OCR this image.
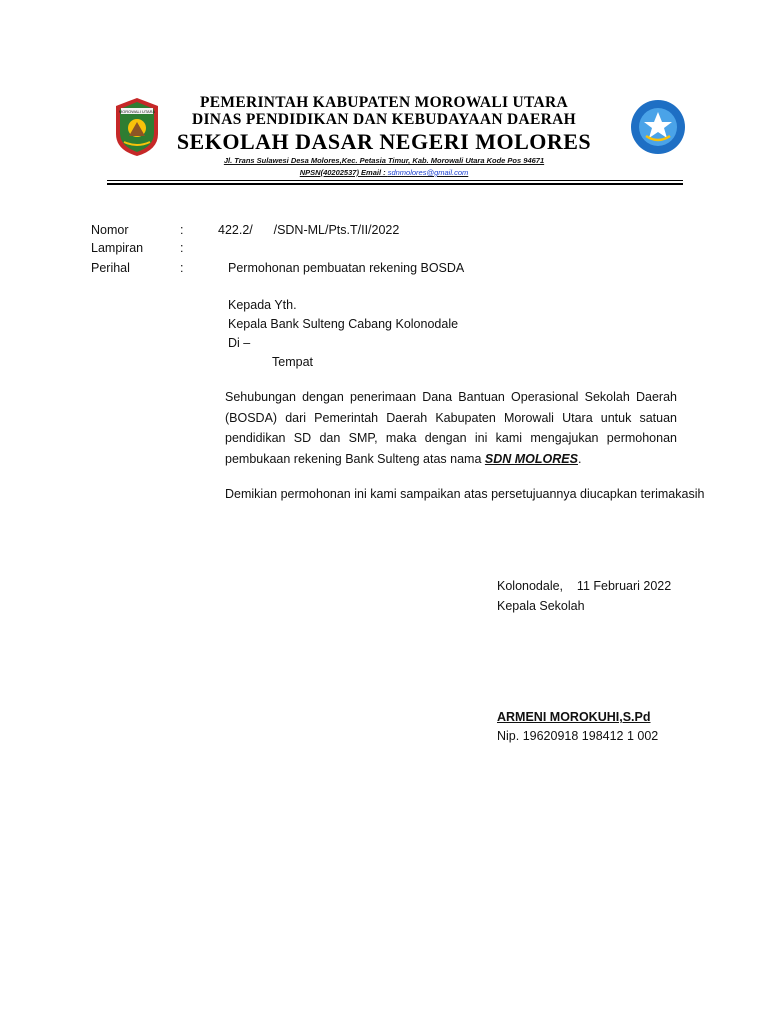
MOROWALI UTARA
PEMERINTAH KABUPATEN MOROWALI UTARA
DINAS PENDIDIKAN DAN KEBUDAYAAN DAERAH
SEKOLAH DASAR NEGERI MOLORES
Jl. Trans Sulawesi Desa Molores,Kec. Petasia Timur, Kab. Morowali Utara Kode Pos 94671
NPSN(40202537) Email : sdnmolores@gmail.com
Nomor	:	422.2/      /SDN-ML/Pts.T/II/2022
Lampiran	:
Perihal	:	Permohonan pembuatan rekening BOSDA
Kepada Yth.
Kepala Bank Sulteng Cabang Kolonodale
Di –
Tempat
Sehubungan dengan penerimaan Dana Bantuan Operasional Sekolah Daerah (BOSDA) dari Pemerintah Daerah Kabupaten Morowali Utara untuk satuan pendidikan SD dan SMP, maka dengan ini kami mengajukan permohonan pembukaan rekening Bank Sulteng atas nama SDN MOLORES.
Demikian permohonan ini kami sampaikan atas persetujuannya diucapkan terimakasih
Kolonodale,    11 Februari 2022
Kepala Sekolah
ARMENI MOROKUHI,S.Pd
Nip. 19620918 198412 1 002
